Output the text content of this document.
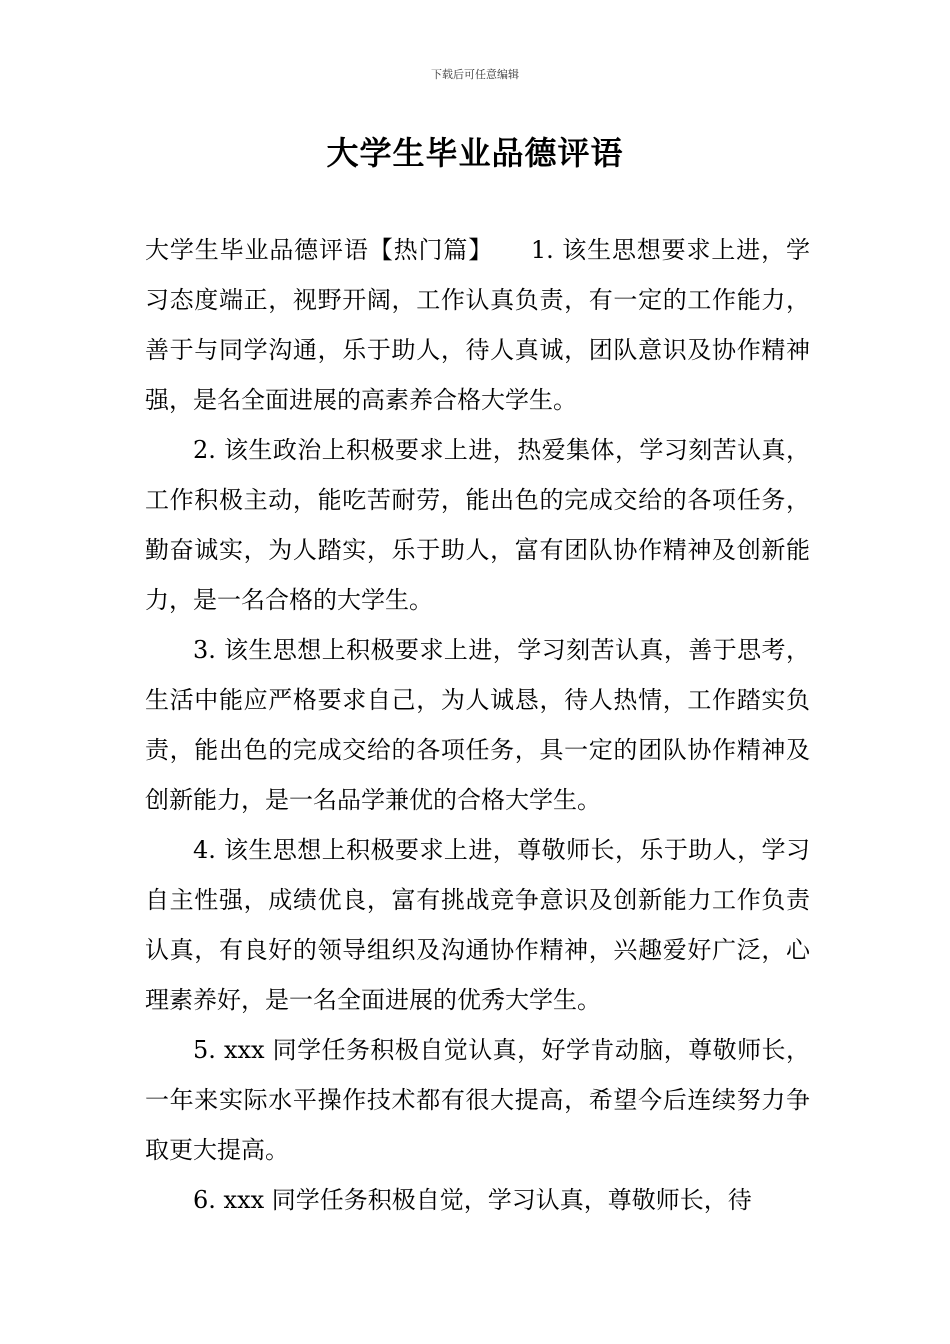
下载后可任意编辑
大学生毕业品德评语

大学生毕业品德评语【热门篇】　　1. 该生思想要求上进，学习态度端正，视野开阔，工作认真负责，有一定的工作能力，善于与同学沟通，乐于助人，待人真诚，团队意识及协作精神强，是名全面进展的高素养合格大学生。

2. 该生政治上积极要求上进，热爱集体，学习刻苦认真，工作积极主动，能吃苦耐劳，能出色的完成交给的各项任务，勤奋诚实，为人踏实，乐于助人，富有团队协作精神及创新能力，是一名合格的大学生。

3. 该生思想上积极要求上进，学习刻苦认真，善于思考，生活中能应严格要求自己，为人诚恳，待人热情，工作踏实负责，能出色的完成交给的各项任务，具一定的团队协作精神及创新能力，是一名品学兼优的合格大学生。

4. 该生思想上积极要求上进，尊敬师长，乐于助人，学习自主性强，成绩优良，富有挑战竞争意识及创新能力工作负责认真，有良好的领导组织及沟通协作精神，兴趣爱好广泛，心理素养好，是一名全面进展的优秀大学生。

5. xxx 同学任务积极自觉认真，好学肯动脑，尊敬师长，一年来实际水平操作技术都有很大提高，希望今后连续努力争取更大提高。

6. xxx 同学任务积极自觉，学习认真，尊敬师长，待
